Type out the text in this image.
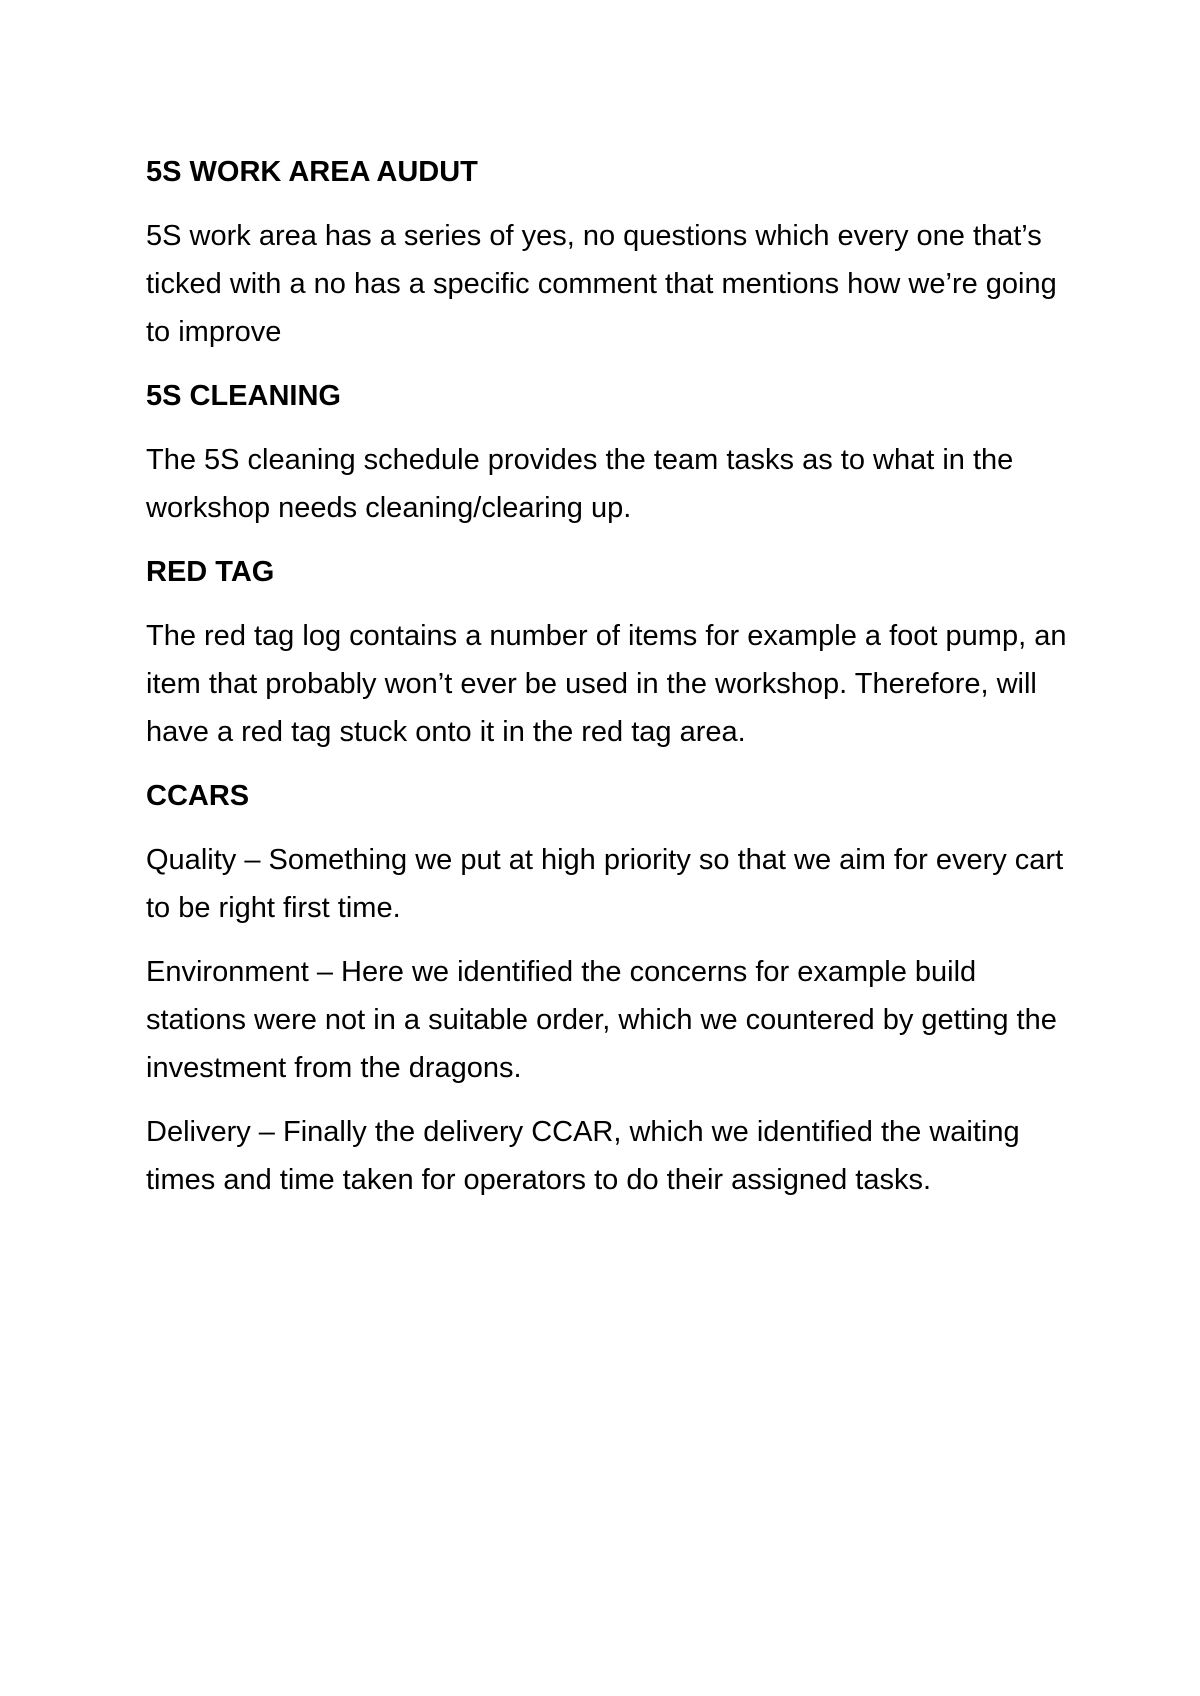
5S WORK AREA AUDUT
5S work area has a series of yes, no questions which every one that’s ticked with a no has a specific comment that mentions how we’re going to improve
5S CLEANING
The 5S cleaning schedule provides the team tasks as to what in the workshop needs cleaning/clearing up.
RED TAG
The red tag log contains a number of items for example a foot pump, an item that probably won’t ever be used in the workshop. Therefore, will have a red tag stuck onto it in the red tag area.
CCARS
Quality – Something we put at high priority so that we aim for every cart to be right first time.
Environment – Here we identified the concerns for example build stations were not in a suitable order, which we countered by getting the investment from the dragons.
Delivery – Finally the delivery CCAR, which we identified the waiting times and time taken for operators to do their assigned tasks.
